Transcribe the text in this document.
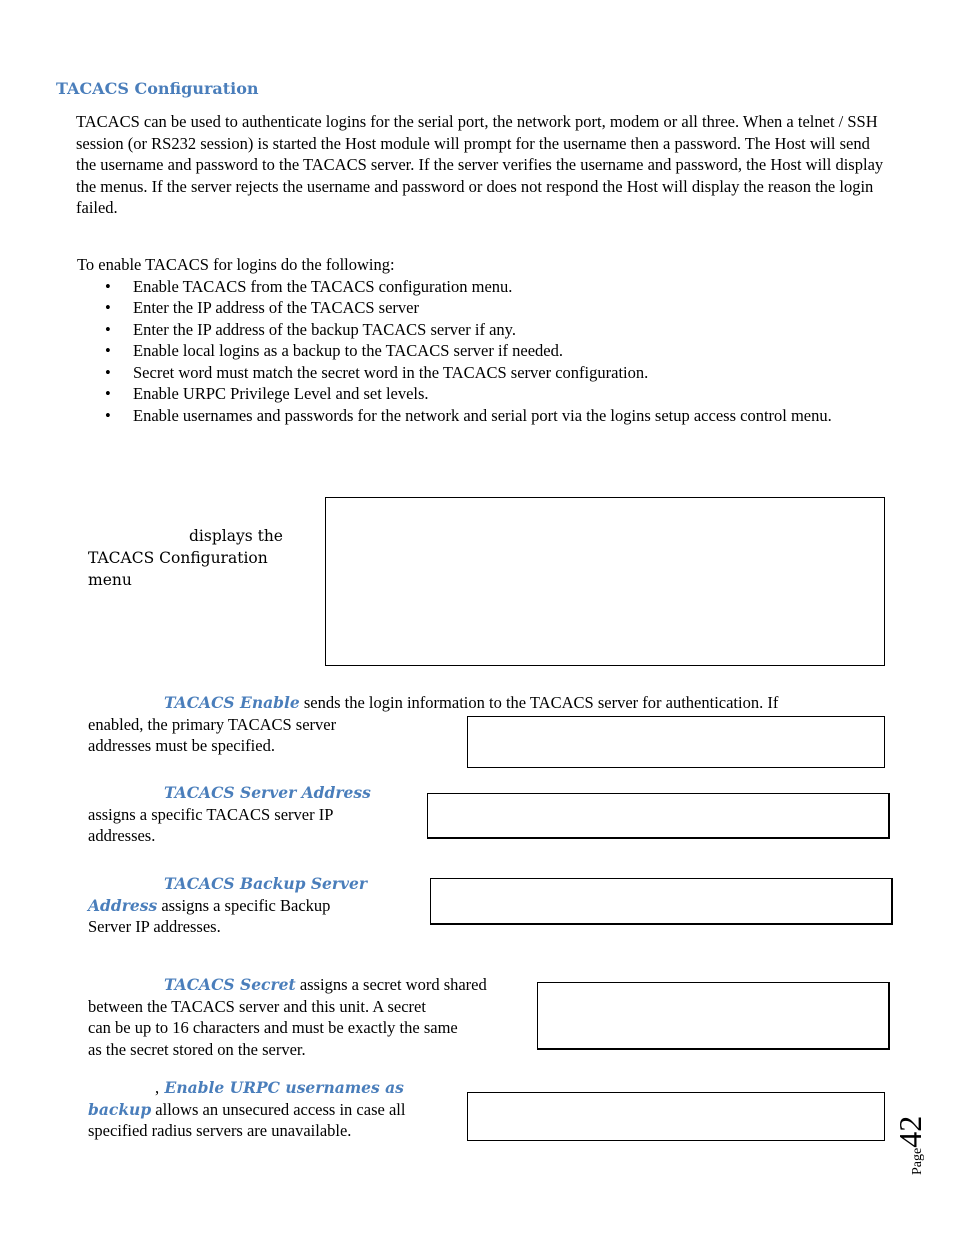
TACACS Configuration
TACACS can be used to authenticate logins for the serial port, the network port, modem or all three. When a telnet / SSH session (or RS232 session) is started the Host module will prompt for the username then a password. The Host will send the username and password to the TACACS server. If the server verifies the username and password, the Host will display the menus. If the server rejects the username and password or does not respond the Host will display the reason the login failed.
To enable TACACS for logins do the following:
• Enable TACACS from the TACACS configuration menu.
• Enter the IP address of the TACACS server
• Enter the IP address of the backup TACACS server if any.
• Enable local logins as a backup to the TACACS server if needed.
• Secret word must match the secret word in the TACACS server configuration.
• Enable URPC Privilege Level and set levels.
• Enable usernames and passwords for the network and serial port via the logins setup access control menu.
displays the
TACACS Configuration
menu
TACACS Enable sends the login information to the TACACS server for authentication. If
enabled, the primary TACACS server
addresses must be specified.
TACACS Server Address
assigns a specific TACACS server IP
addresses.
TACACS Backup Server
Address assigns a specific Backup
Server IP addresses.
TACACS Secret assigns a secret word shared
between the TACACS server and this unit. A secret
can be up to 16 characters and must be exactly the same
as the secret stored on the server.
, Enable URPC usernames as
backup allows an unsecured access in case all
specified radius servers are unavailable.
Page42
